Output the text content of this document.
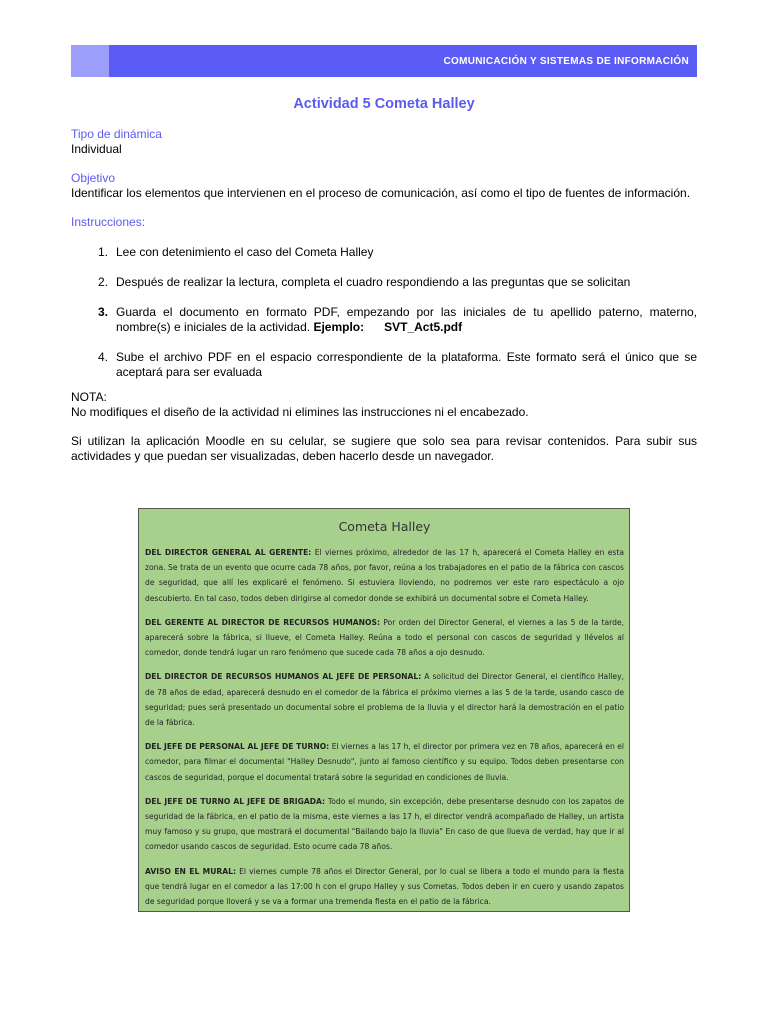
COMUNICACIÓN Y SISTEMAS DE INFORMACIÓN
Actividad 5 Cometa Halley
Tipo de dinámica
Individual
Objetivo
Identificar los elementos que intervienen en el proceso de comunicación, así como el tipo de fuentes de información.
Instrucciones:
1. Lee con detenimiento el caso del Cometa Halley
2. Después de realizar la lectura, completa el cuadro respondiendo a las preguntas que se solicitan
3. Guarda el documento en formato PDF, empezando por las iniciales de tu apellido paterno, materno, nombre(s) e iniciales de la actividad. Ejemplo: SVT_Act5.pdf
4. Sube el archivo PDF en el espacio correspondiente de la plataforma. Este formato será el único que se aceptará para ser evaluada
NOTA:
No modifiques el diseño de la actividad ni elimines las instrucciones ni el encabezado.
Si utilizan la aplicación Moodle en su celular, se sugiere que solo sea para revisar contenidos. Para subir sus actividades y que puedan ser visualizadas, deben hacerlo desde un navegador.
Cometa Halley
DEL DIRECTOR GENERAL AL GERENTE: El viernes próximo, alrededor de las 17 h, aparecerá el Cometa Halley en esta zona. Se trata de un evento que ocurre cada 78 años, por favor, reúna a los trabajadores en el patio de la fábrica con cascos de seguridad, que allí les explicaré el fenómeno. Si estuviera lloviendo, no podremos ver este raro espectáculo a ojo descubierto. En tal caso, todos deben dirigirse al comedor donde se exhibirá un documental sobre el Cometa Halley.
DEL GERENTE AL DIRECTOR DE RECURSOS HUMANOS: Por orden del Director General, el viernes a las 5 de la tarde, aparecerá sobre la fábrica, si llueve, el Cometa Halley. Reúna a todo el personal con cascos de seguridad y llévelos al comedor, donde tendrá lugar un raro fenómeno que sucede cada 78 años a ojo desnudo.
DEL DIRECTOR DE RECURSOS HUMANOS AL JEFE DE PERSONAL: A solicitud del Director General, el científico Halley, de 78 años de edad, aparecerá desnudo en el comedor de la fábrica el próximo viernes a las 5 de la tarde, usando casco de seguridad; pues será presentado un documental sobre el problema de la lluvia y el director hará la demostración en el patio de la fábrica.
DEL JEFE DE PERSONAL AL JEFE DE TURNO: El viernes a las 17 h, el director por primera vez en 78 años, aparecerá en el comedor, para filmar el documental "Halley Desnudo", junto al famoso científico y su equipo. Todos deben presentarse con cascos de seguridad, porque el documental tratará sobre la seguridad en condiciones de lluvia.
DEL JEFE DE TURNO AL JEFE DE BRIGADA: Todo el mundo, sin excepción, debe presentarse desnudo con los zapatos de seguridad de la fábrica, en el patio de la misma, este viernes a las 17 h, el director vendrá acompañado de Halley, un artista muy famoso y su grupo, que mostrará el documental "Bailando bajo la lluvia" En caso de que llueva de verdad, hay que ir al comedor usando cascos de seguridad. Esto ocurre cada 78 años.
AVISO EN EL MURAL: El viernes cumple 78 años el Director General, por lo cual se libera a todo el mundo para la fiesta que tendrá lugar en el comedor a las 17:00 h con el grupo Halley y sus Cometas. Todos deben ir en cuero y usando zapatos de seguridad porque lloverá y se va a formar una tremenda fiesta en el patio de la fábrica.
